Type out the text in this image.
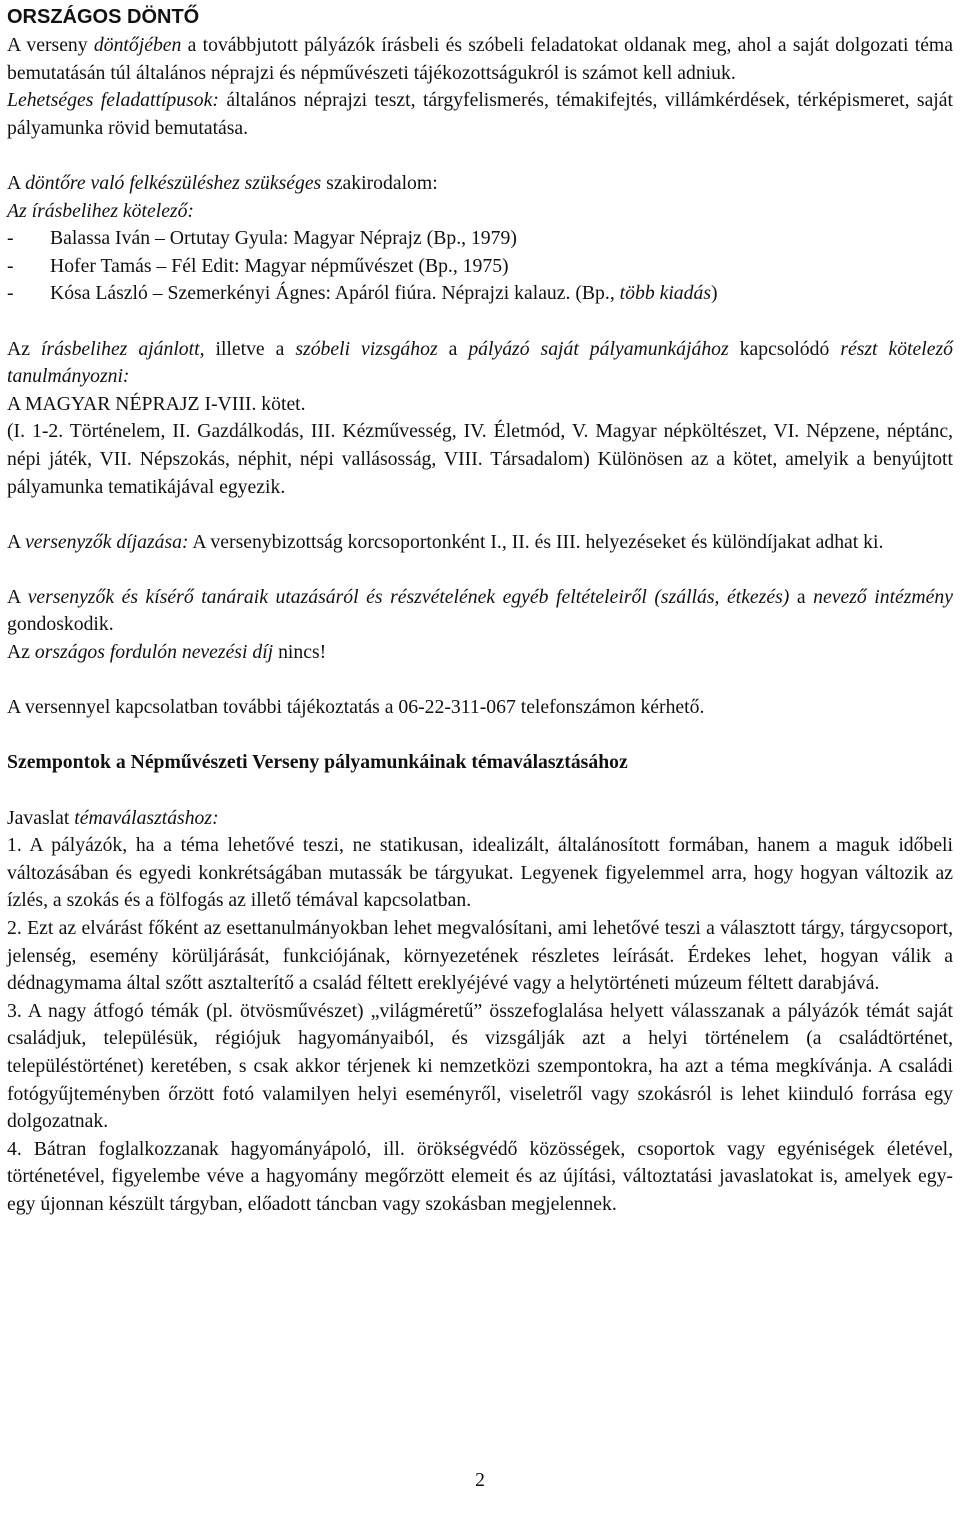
ORSZÁGOS DÖNTŐ

A verseny döntőjében a továbbjutott pályázók írásbeli és szóbeli feladatokat oldanak meg, ahol a saját dolgozati téma bemutatásán túl általános néprajzi és népművészeti tájékozottságukról is számot kell adniuk.

Lehetséges feladattípusok: általános néprajzi teszt, tárgyfelismerés, témakifejtés, villámkérdések, térképismeret, saját pályamunka rövid bemutatása.

A döntőre való felkészüléshez szükséges szakirodalom:

Az írásbelihez kötelező:

- Balassa Iván – Ortutay Gyula: Magyar Néprajz (Bp., 1979)

- Hofer Tamás – Fél Edit: Magyar népművészet (Bp., 1975)

- Kósa László – Szemerkényi Ágnes: Apáról fiúra. Néprajzi kalauz. (Bp., több kiadás)

Az írásbelihez ajánlott, illetve a szóbeli vizsgához a pályázó saját pályamunkájához kapcsolódó részt kötelező tanulmányozni:

A MAGYAR NÉPRAJZ I-VIII. kötet.

(I. 1-2. Történelem, II. Gazdálkodás, III. Kézművesség, IV. Életmód, V. Magyar népköltészet, VI. Népzene, néptánc, népi játék, VII. Népszokás, néphit, népi vallásosság, VIII. Társadalom) Különösen az a kötet, amelyik a benyújtott pályamunka tematikájával egyezik.

A versenyzők díjazása: A versenybizottság korcsoportonként I., II. és III. helyezéseket és különdíjakat adhat ki.

A versenyzők és kísérő tanáraik utazásáról és részvételének egyéb feltételeiről (szállás, étkezés) a nevező intézmény gondoskodik.

Az országos fordulón nevezési díj nincs!

A versennyel kapcsolatban további tájékoztatás a 06-22-311-067 telefonszámon kérhető.

Szempontok a Népművészeti Verseny pályamunkáinak témaválasztásához

Javaslat témaválasztáshoz:

1. A pályázók, ha a téma lehetővé teszi, ne statikusan, idealizált, általánosított formában, hanem a maguk időbeli változásában és egyedi konkrétságában mutassák be tárgyukat. Legyenek figyelemmel arra, hogy hogyan változik az ízlés, a szokás és a fölfogás az illető témával kapcsolatban.

2. Ezt az elvárást főként az esettanulmányokban lehet megvalósítani, ami lehetővé teszi a választott tárgy, tárgycsoport, jelenség, esemény körüljárását, funkciójának, környezetének részletes leírását. Érdekes lehet, hogyan válik a dédnagymama által szőtt asztalterítő a család féltett ereklyéjévé vagy a helytörténeti múzeum féltett darabjává.

3. A nagy átfogó témák (pl. ötvösművészet) „világméretű” összefoglalása helyett válasszanak a pályázók témát saját családjuk, településük, régiójuk hagyományaiból, és vizsgálják azt a helyi történelem (a családtörténet, településtörténet) keretében, s csak akkor térjenek ki nemzetközi szempontokra, ha azt a téma megkívánja. A családi fotógyűjteményben őrzött fotó valamilyen helyi eseményről, viseletről vagy szokásról is lehet kiinduló forrása egy dolgozatnak.

4. Bátran foglalkozzanak hagyományápoló, ill. örökségvédő közösségek, csoportok vagy egyéniségek életével, történetével, figyelembe véve a hagyomány megőrzött elemeit és az újítási, változtatási javaslatokat is, amelyek egy-egy újonnan készült tárgyban, előadott táncban vagy szokásban megjelennek.

2
